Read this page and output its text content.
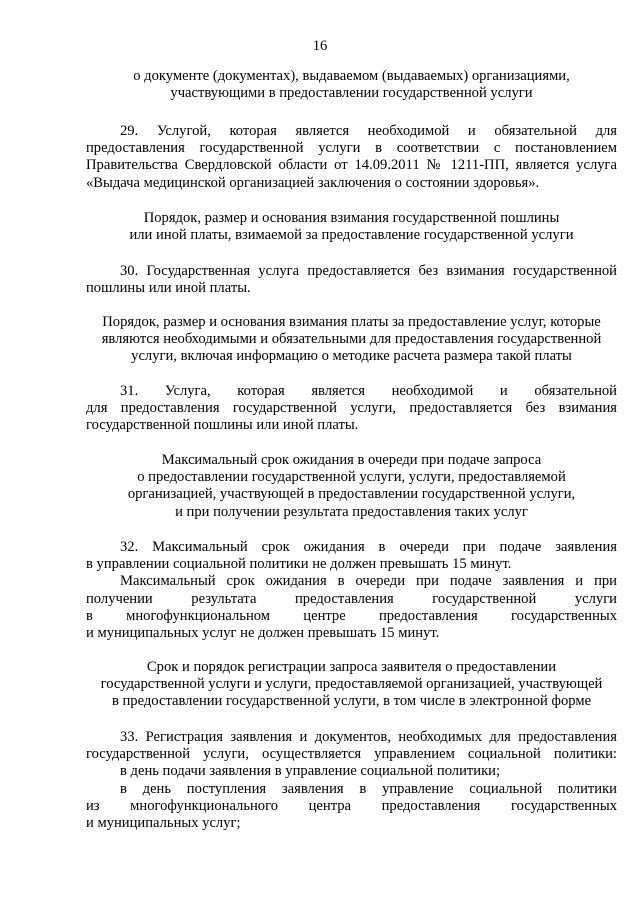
16
о документе (документах), выдаваемом (выдаваемых) организациями,
участвующими в предоставлении государственной услуги
29. Услугой, которая является необходимой и обязательной для
предоставления государственной услуги в соответствии с постановлением
Правительства Свердловской области от 14.09.2011 № 1211-ПП, является услуга
«Выдача медицинской организацией заключения о состоянии здоровья».
Порядок, размер и основания взимания государственной пошлины
или иной платы, взимаемой за предоставление государственной услуги
30. Государственная услуга предоставляется без взимания государственной
пошлины или иной платы.
Порядок, размер и основания взимания платы за предоставление услуг, которые
являются необходимыми и обязательными для предоставления государственной
услуги, включая информацию о методике расчета размера такой платы
31. Услуга, которая является необходимой и обязательной
для предоставления государственной услуги, предоставляется без взимания
государственной пошлины или иной платы.
Максимальный срок ожидания в очереди при подаче запроса
о предоставлении государственной услуги, услуги, предоставляемой
организацией, участвующей в предоставлении государственной услуги,
и при получении результата предоставления таких услуг
32. Максимальный срок ожидания в очереди при подаче заявления
в управлении социальной политики не должен превышать 15 минут.
Максимальный срок ожидания в очереди при подаче заявления и при
получении результата предоставления государственной услуги
в многофункциональном центре предоставления государственных
и муниципальных услуг не должен превышать 15 минут.
Срок и порядок регистрации запроса заявителя о предоставлении
государственной услуги и услуги, предоставляемой организацией, участвующей
в предоставлении государственной услуги, в том числе в электронной форме
33. Регистрация заявления и документов, необходимых для предоставления
государственной услуги, осуществляется управлением социальной политики:
в день подачи заявления в управление социальной политики;
в день поступления заявления в управление социальной политики
из многофункционального центра предоставления государственных
и муниципальных услуг;
